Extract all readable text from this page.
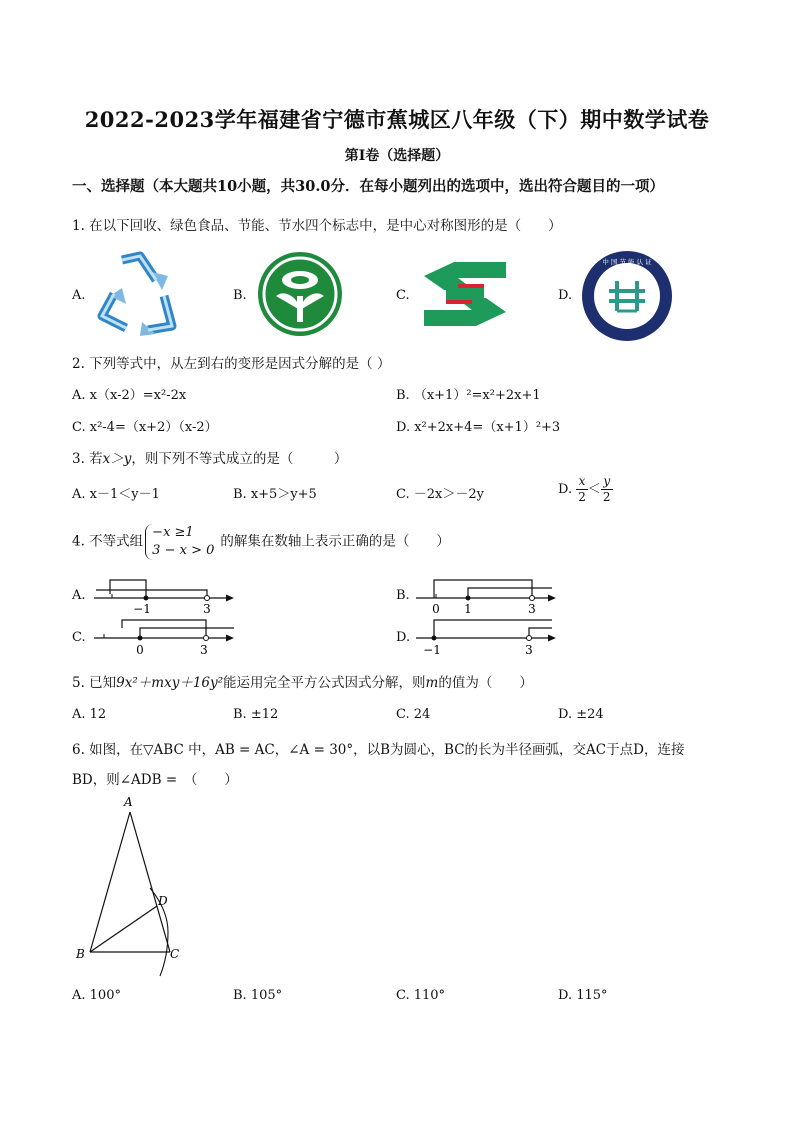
2022-2023学年福建省宁德市蕉城区八年级（下）期中数学试卷
第I卷（选择题）
一、选择题（本大题共10小题，共30.0分．在每小题列出的选项中，选出符合题目的一项）
1. 在以下回收、绿色食品、节能、节水四个标志中，是中心对称图形的是（　　）
A.	B.	C.	D.
中 国 节 能 认 证
2. 下列等式中，从左到右的变形是因式分解的是（ ）
A. x（x-2）=x²-2x	B. （x+1）²=x²+2x+1
C. x²-4=（x+2）（x-2）	D. x²+2x+4=（x+1）²+3
3. 若x＞y，则下列不等式成立的是（　　　）
A. x－1＜y－1	B. x+5＞y+5	C. －2x＞－2y	D. $\frac{x}{2} < \frac{y}{2}$
4. 不等式组
−x ≥1
3 − x > 0
的解集在数轴上表示正确的是（　　）
A.
−1	3
B.
0 1	3
C.
0	3
D.
−1	3
5. 已知9x²＋mxy＋16y²能运用完全平方公式因式分解，则m的值为（　　）
A. 12	B. ±12	C. 24	D. ±24
6. 如图，在▽ABC 中，AB = AC，∠A = 30°，以B为圆心，BC的长为半径画弧，交AC于点D，连接
BD，则∠ADB =　（　　）
A
B	C
D
A. 100°	B. 105°	C. 110°	D. 115°
